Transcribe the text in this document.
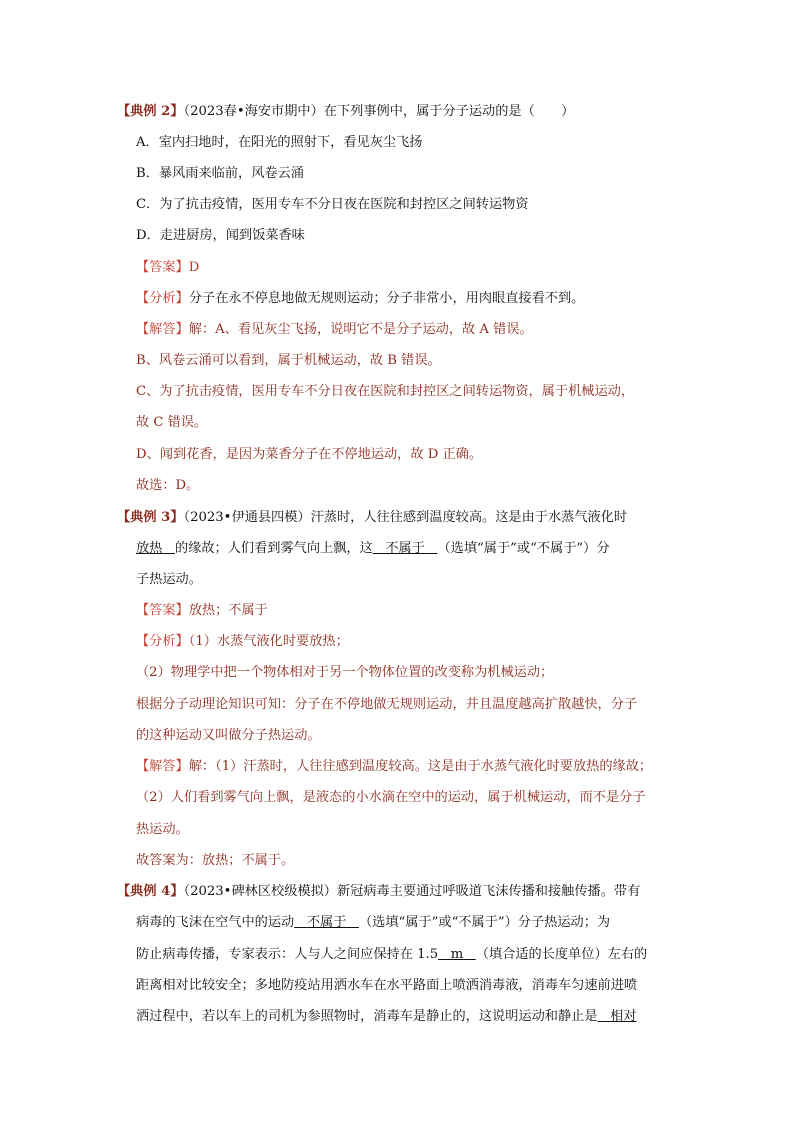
【典例 2】（2023春•海安市期中）在下列事例中，属于分子运动的是（　　）
A．室内扫地时，在阳光的照射下，看见灰尘飞扬
B．暴风雨来临前，风卷云涌
C．为了抗击疫情，医用专车不分日夜在医院和封控区之间转运物资
D．走进厨房，闻到饭菜香味
【答案】D
【分析】分子在永不停息地做无规则运动；分子非常小，用肉眼直接看不到。
【解答】解：A、看见灰尘飞扬，说明它不是分子运动，故 A 错误。
B、风卷云涌可以看到，属于机械运动，故 B 错误。
C、为了抗击疫情，医用专车不分日夜在医院和封控区之间转运物资，属于机械运动，
故 C 错误。
D、闻到花香，是因为菜香分子在不停地运动，故 D 正确。
故选：D。
【典例 3】（2023•伊通县四模）汗蒸时，人往往感到温度较高。这是由于水蒸气液化时
放热 的缘故；人们看到雾气向上飘，这 不属于 （选填“属于”或“不属于”）分
子热运动。
【答案】放热；不属于
【分析】（1）水蒸气液化时要放热；
（2）物理学中把一个物体相对于另一个物体位置的改变称为机械运动；
根据分子动理论知识可知：分子在不停地做无规则运动，并且温度越高扩散越快，分子
的这种运动又叫做分子热运动。
【解答】解：（1）汗蒸时，人往往感到温度较高。这是由于水蒸气液化时要放热的缘故；
（2）人们看到雾气向上飘，是液态的小水滴在空中的运动，属于机械运动，而不是分子
热运动。
故答案为：放热；不属于。
【典例 4】（2023•碑林区校级模拟）新冠病毒主要通过呼吸道飞沫传播和接触传播。带有
病毒的飞沫在空气中的运动 不属于 （选填“属于”或“不属于”）分子热运动；为
防止病毒传播，专家表示：人与人之间应保持在 1.5 m （填合适的长度单位）左右的
距离相对比较安全；多地防疫站用洒水车在水平路面上喷洒消毒液，消毒车匀速前进喷
洒过程中，若以车上的司机为参照物时，消毒车是静止的，这说明运动和静止是 相对
